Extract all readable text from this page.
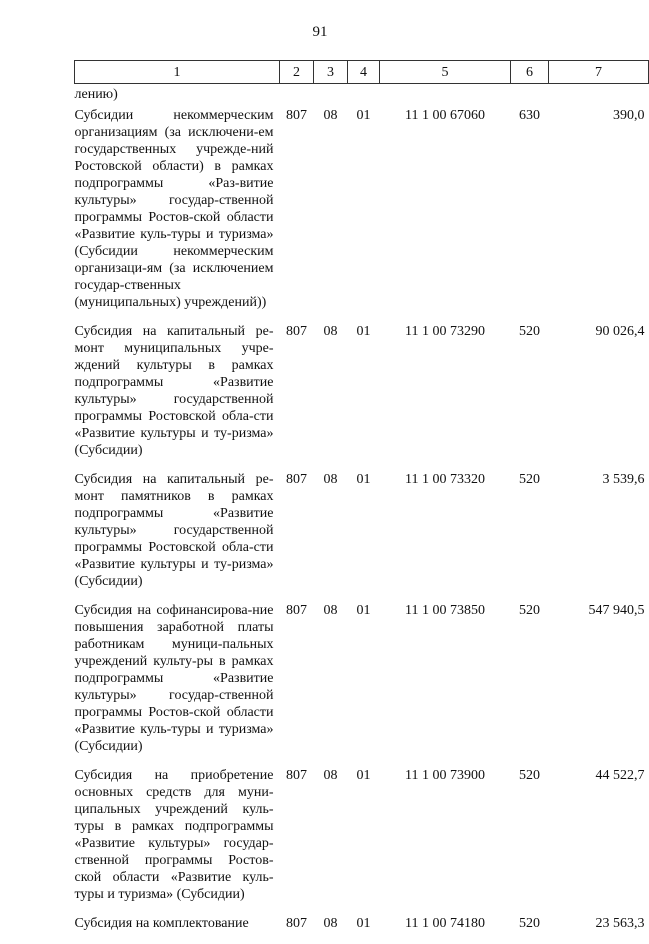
91
1	2	3	4	5	6	7
лению)						
Субсидии некоммерческим организациям (за исключени-ем государственных учрежде-ний Ростовской области) в рамках подпрограммы «Раз-витие культуры» государ-ственной программы Ростов-ской области «Развитие куль-туры и туризма» (Субсидии некоммерческим организаци-ям (за исключением государ-ственных (муниципальных) учреждений))	807	08	01	11 1 00 67060	630	390,0
Субсидия на капитальный ре-монт муниципальных учре-ждений культуры в рамках подпрограммы «Развитие культуры» государственной программы Ростовской обла-сти «Развитие культуры и ту-ризма» (Субсидии)	807	08	01	11 1 00 73290	520	90 026,4
Субсидия на капитальный ре-монт памятников в рамках подпрограммы «Развитие культуры» государственной программы Ростовской обла-сти «Развитие культуры и ту-ризма» (Субсидии)	807	08	01	11 1 00 73320	520	3 539,6
Субсидия на софинансирова-ние повышения заработной платы работникам муници-пальных учреждений культу-ры в рамках подпрограммы «Развитие культуры» государ-ственной программы Ростов-ской области «Развитие куль-туры и туризма» (Субсидии)	807	08	01	11 1 00 73850	520	547 940,5
Субсидия на приобретение основных средств для муни-ципальных учреждений куль-туры в рамках подпрограммы «Развитие культуры» государ-ственной программы Ростов-ской области «Развитие куль-туры и туризма» (Субсидии)	807	08	01	11 1 00 73900	520	44 522,7
Субсидия на комплектование	807	08	01	11 1 00 74180	520	23 563,3
